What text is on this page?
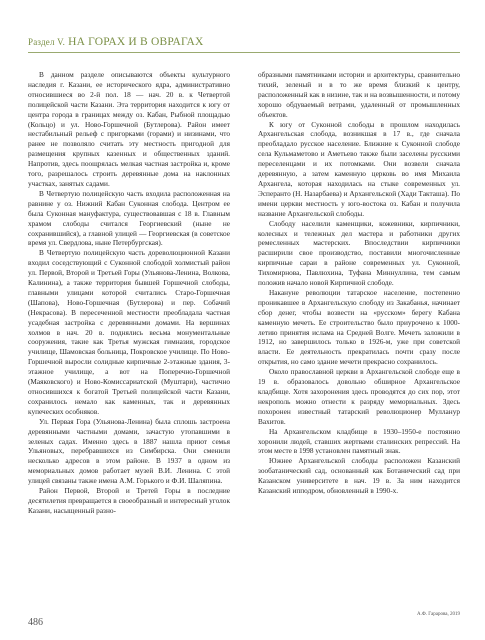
Раздел V. НА ГОРАХ И В ОВРАГАХ

В данном разделе описываются объекты культурного наследия г. Казани, ее исторического ядра, административно относившиеся во 2-й пол. 18 — нач. 20 в. к Четвертой полицейской части Казани. Эта территория находится к югу от центра города в границах между оз. Кабан, Рыбной площадью (Кольцо) и ул. Ново-Горшечной (Бутлерова). Район имеет нестабильный рельеф с пригорками (горами) и низинами, что ранее не позволяло считать эту местность пригодной для размещения крупных казенных и общественных зданий. Напротив, здесь поощрялась мелкая частная застройка и, кроме того, разрешалось строить деревянные дома на наклонных участках, занятых садами.

В Четвертую полицейскую часть входила расположенная на равнине у оз. Нижний Кабан Суконная слобода. Центром ее была Суконная мануфактура, существовавшая с 18 в. Главным храмом слободы считался Георгиевский (ныне не сохранившийся), а главной улицей — Георгиевская (в советское время ул. Свердлова, ныне Петербургская).

В Четвертую полицейскую часть дореволюционной Казани входил соседствующий с Суконной слободой холмистый район ул. Первой, Второй и Третьей Горы (Ульянова-Ленина, Волкова, Калинина), а также территория бывшей Горшечной слободы, главными улицами которой считались Старо-Горшечная (Шапова), Ново-Горшечная (Бутлерова) и пер. Собачий (Некрасова). В пересеченной местности преобладала частная усадебная застройка с деревянными домами. На вершинах холмов в нач. 20 в. поднялись весьма монументальные сооружения, такие как Третья мужская гимназия, городское училище, Шамовская больница, Покровское училище. По Ново-Горшечной выросли солидные кирпичные 2-этажные здания, 3-этажное училище, а вот на Поперечно-Горшечной (Маяковского) и Ново-Комиссариатской (Муштари), частично относившихся к богатой Третьей полицейской части Казани, сохранилось немало как каменных, так и деревянных купеческих особняков.

Ул. Первая Гора (Ульянова-Ленина) была сплошь застроена деревянными частными домами, зачастую утопавшими в зеленых садах. Именно здесь в 1887 нашла приют семья Ульяновых, перебравшихся из Симбирска. Они сменили несколько адресов в этом районе. В 1937 в одном из мемориальных домов работает музей В.И. Ленина. С этой улицей связаны также имена А.М. Горького и Ф.И. Шаляпина.

Район Первой, Второй и Третей Горы в последние десятилетия превращается в своеобразный и интересный уголок Казани, насыщенный разно-

образными памятниками истории и архитектуры, сравнительно тихий, зеленый и в то же время близкий к центру, расположенный как в низине, так и на возвышенности, и потому хорошо обдуваемый ветрами, удаленный от промышленных объектов.

К югу от Суконной слободы в прошлом находилась Архангельская слобода, возникшая в 17 в., где сначала преобладало русское население. Ближние к Суконной слободе села Кульмаметово и Аметьево также были заселены русскими переселенцами и их потомками. Они возвели сначала деревянную, а затем каменную церковь во имя Михаила Архангела, которая находилась на стыке современных ул. Эсперанто (Н. Назарбаева) и Архангельской (Хади Такташа). По имени церкви местность у юго-востока оз. Кабан и получила название Архангельской слободы.

Слободу населили каменщики, кожевники, кирпичники, колесных и тележных дел мастера и работники других ремесленных мастерских. Впоследствии кирпичники расширили свое производство, поставили многочисленные кирпичные сараи в районе современных ул. Суконной, Тихомирнова, Павлюхина, Туфана Миннуллина, тем самым положив начало новой Кирпичной слободе.

Накануне революции татарское население, постепенно проникавшее в Архангельскую слободу из Закабанья, начинает сбор денег, чтобы возвести на «русском» берегу Кабана каменную мечеть. Ее строительство было приурочено к 1000-летию принятия ислама на Средней Волге. Мечеть заложили в 1912, но завершилось только в 1926-м, уже при советской власти. Ее деятельность прекратилась почти сразу после открытия, но само здание мечети прекрасно сохранилось.

Около православной церкви в Архангельской слободе еще в 19 в. образовалось довольно обширное Архангельское кладбище. Хотя захоронения здесь проводятся до сих пор, этот некрополь можно отнести к разряду мемориальных. Здесь похоронен известный татарский революционер Муллануp Вахитов.

На Архангельском кладбище в 1930–1950-е постоянно хоронили людей, ставших жертвами сталинских репрессий. На этом месте в 1998 установлен памятный знак.

Южнее Архангельской слободы расположен Казанский зообатанический сад, основанный как Ботанический сад при Казанском университете в нач. 19 в. За ним находится Казанский ипподром, обновленный в 1990-х.

А.Ф. Гарарова, 2019
486
